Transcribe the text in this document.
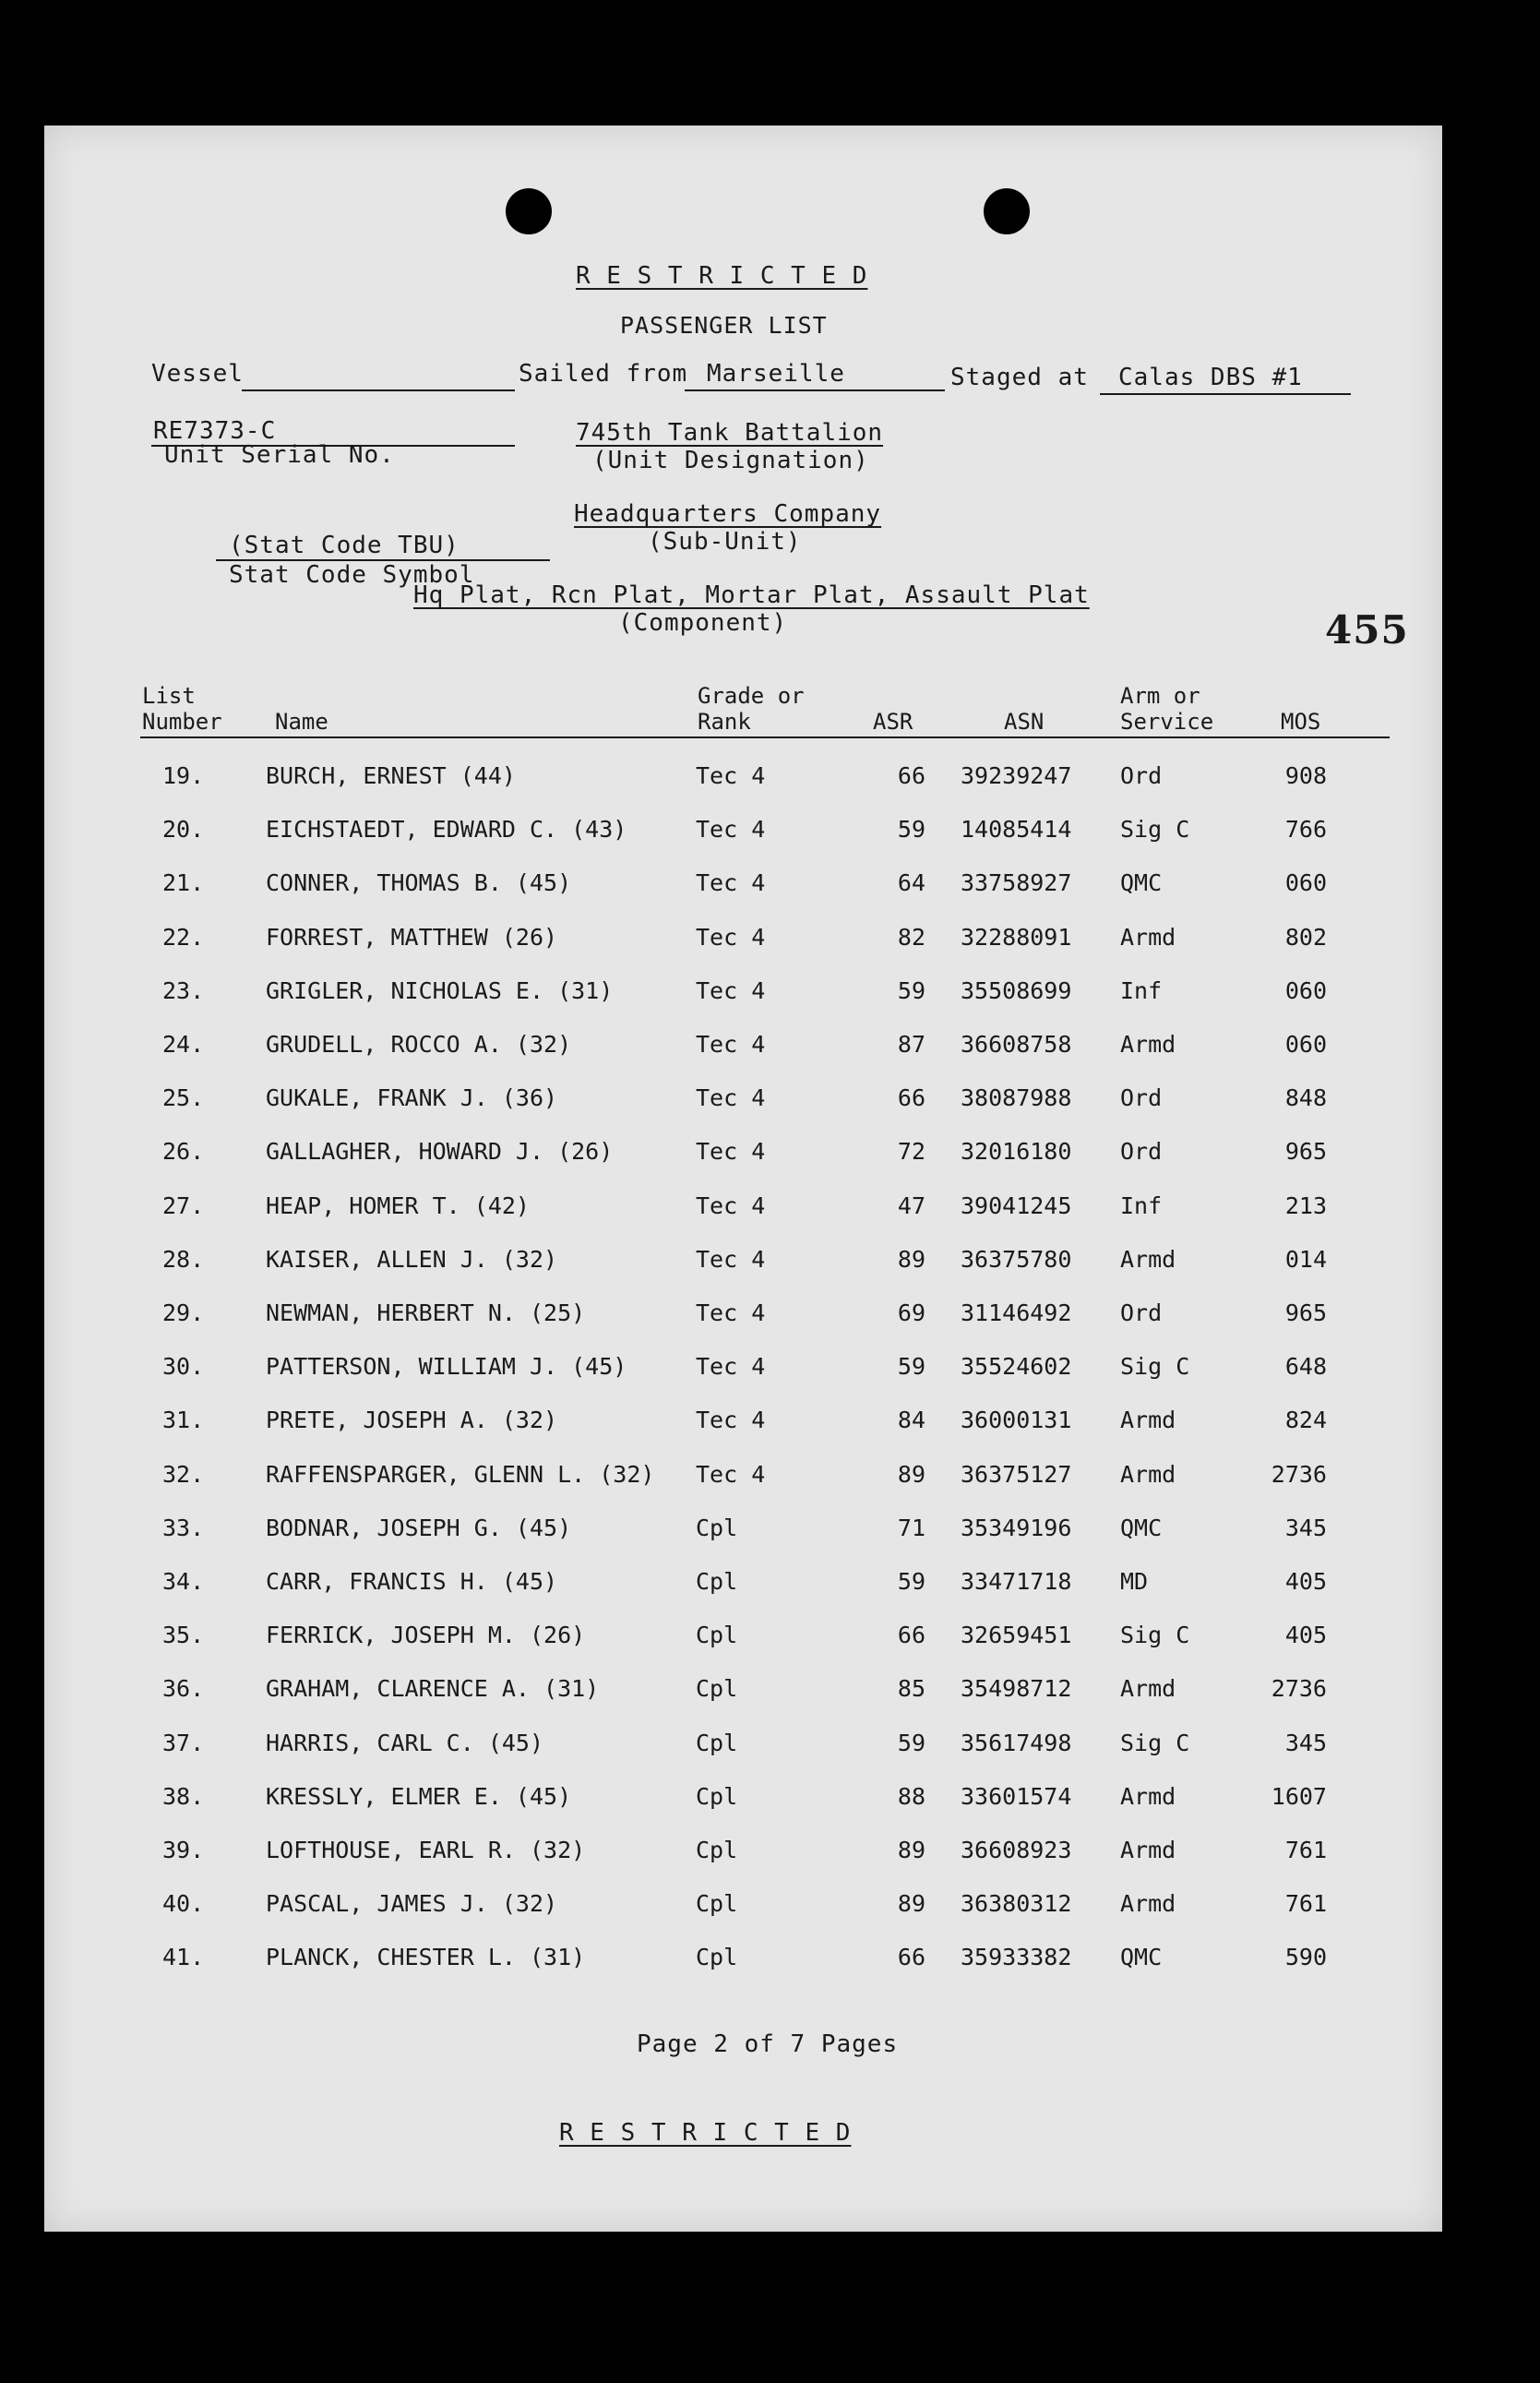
R E S T R I C T E D
PASSENGER LIST
Vessel	Sailed from Marseille	Staged at Calas DBS #1
RE7373-C
Unit Serial No.
745th Tank Battalion
(Unit Designation)
Headquarters Company
(Sub-Unit)
(Stat Code TBU)
Stat Code Symbol
Hq Plat, Rcn Plat, Mortar Plat, Assault Plat
(Component)	455
List
Number Name
Grade or
Rank	ASR	ASN
Arm or
Service	MOS
19.	BURCH, ERNEST (44)	Tec 4	66 39239247 Ord	908
20.	EICHSTAEDT, EDWARD C. (43)	Tec 4	59 14085414 Sig C	766
21.	CONNER, THOMAS B. (45)	Tec 4	64 33758927 QMC	060
22.	FORREST, MATTHEW (26)	Tec 4	82 32288091 Armd	802
23.	GRIGLER, NICHOLAS E. (31)	Tec 4	59 35508699 Inf	060
24.	GRUDELL, ROCCO A. (32)	Tec 4	87 36608758 Armd	060
25.	GUKALE, FRANK J. (36)	Tec 4	66 38087988 Ord	848
26.	GALLAGHER, HOWARD J. (26)	Tec 4	72 32016180 Ord	965
27.	HEAP, HOMER T. (42)	Tec 4	47 39041245 Inf	213
28.	KAISER, ALLEN J. (32)	Tec 4	89 36375780 Armd	014
29.	NEWMAN, HERBERT N. (25)	Tec 4	69 31146492 Ord	965
30.	PATTERSON, WILLIAM J. (45)	Tec 4	59 35524602 Sig C	648
31.	PRETE, JOSEPH A. (32)	Tec 4	84 36000131 Armd	824
32.	RAFFENSPARGER, GLENN L. (32) Tec 4	89 36375127 Armd	2736
33.	BODNAR, JOSEPH G. (45)	Cpl	71 35349196 QMC	345
34.	CARR, FRANCIS H. (45)	Cpl	59 33471718 MD	405
35.	FERRICK, JOSEPH M. (26)	Cpl	66 32659451 Sig C	405
36.	GRAHAM, CLARENCE A. (31)	Cpl	85 35498712 Armd	2736
37.	HARRIS, CARL C. (45)	Cpl	59 35617498 Sig C	345
38.	KRESSLY, ELMER E. (45)	Cpl	88 33601574 Armd	1607
39.	LOFTHOUSE, EARL R. (32)	Cpl	89 36608923 Armd	761
40.	PASCAL, JAMES J. (32)	Cpl	89 36380312 Armd	761
41.	PLANCK, CHESTER L. (31)	Cpl	66 35933382 QMC	590
Page 2 of 7 Pages
R E S T R I C T E D
